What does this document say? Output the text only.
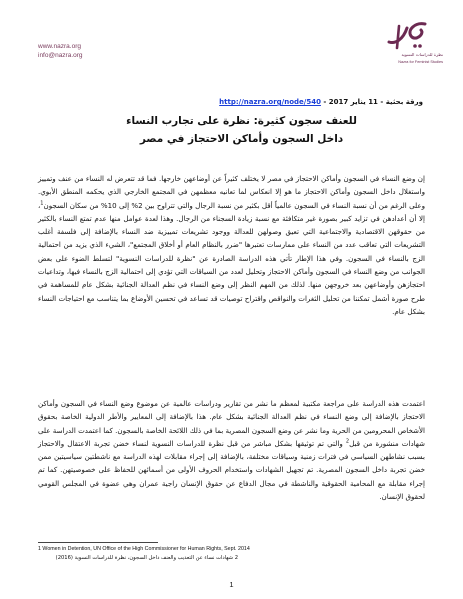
www.nazra.org
info@nazra.org	نظرة للدراسات النسوية
Nazra for Feminist Studies
ورقة بحثية - 11 يناير 2017 - http://nazra.org/node/540
للعنف سجون كثيرة: نظرة على تجارب النساء
داخل السجون وأماكن الاحتجاز في مصر

إن وضع النساء في السجون وأماكن الاحتجاز في مصر لا يختلف كثيراً عن أوضاعهن خارجها. فما قد تتعرض له النساء من عنف وتمييز واستغلال داخل السجون وأماكن الاحتجاز ما هو إلا انعكاس لما تعانيه معظمهن في المجتمع الخارجي الذي يحكمه المنطق الأبوي. وعلى الرغم من أن نسبة النساء في السجون عالمياً أقل بكثير من نسبة الرجال والتي تتراوح بين 2% إلى 10% من سكان السجون$^1$، إلا أن أعدادهن في تزايد كبير بصورة غير متكافئة مع نسبة زيادة السجناء من الرجال. وهذا لعدة عوامل منها عدم تمتع النساء بالكثير من حقوقهن الاقتصادية والاجتماعية التي تعيق وصولهن للعدالة ووجود تشريعات تمييزية ضد النساء بالإضافة إلى فلسفة أغلب التشريعات التي تعاقب عدد من النساء على ممارسات تعتبرها "ضرر بالنظام العام أو أخلاق المجتمع"، الشيء الذي يزيد من احتمالية الزج بالنساء في السجون. وفي هذا الإطار تأتي هذه الدراسة الصادرة عن "نظرة للدراسات النسوية" لتسلط الضوء على بعض الجوانب من وضع النساء في السجون وأماكن الاحتجاز وتحليل لعدد من السياقات التي تؤدي إلى احتمالية الزج بالنساء فيها، وتداعيات احتجازهن وأوضاعهن بعد خروجهن منها. لذلك من المهم النظر إلى وضع النساء في نظم العدالة الجنائية بشكل عام للمساهمة في طرح صورة أشمل تمكننا من تحليل الثغرات والنواقص واقتراح توصيات قد تساعد في تحسين الأوضاع بما يتناسب مع احتياجات النساء بشكل عام.

اعتمدت هذه الدراسة على مراجعة مكتبية لمعظم ما نشر من تقارير ودراسات عالمية عن موضوع وضع النساء في السجون وأماكن الاحتجاز بالإضافة إلى وضع النساء في نظم العدالة الجنائية بشكل عام. هذا بالإضافة إلى المعايير والأطر الدولية الخاصة بحقوق الأشخاص المحرومين من الحرية وما نشر عن وضع السجون المصرية بما في ذلك اللائحة الخاصة بالسجون. كما اعتمدت الدراسة على شهادات منشورة من قبل$^2$ والتي تم توثيقها بشكل مباشر من قبل نظرة للدراسات النسوية لنساء خضن تجربة الاعتقال والاحتجاز بسبب نشاطهن السياسي في فترات زمنية وسياقات مختلفة، بالإضافة إلى إجراء مقابلات لهذه الدراسة مع ناشطتين سياسيتين ممن خضن تجربة داخل السجون المصرية. تم تجهيل الشهادات واستخدام الحروف الأولى من أسمائهن للحفاظ على خصوصيتهن. كما تم إجراء مقابلة مع المحامية الحقوقية والناشطة في مجال الدفاع عن حقوق الإنسان راجية عمران وهي عضوة في المجلس القومي لحقوق الإنسان.

1 Women in Detention, UN Office of the High Commissioner for Human Rights, Sept. 2014
2 شهادات نساء عن التعذيب والعنف داخل السجون، نظرة للدراسات النسوية (2016)
1
